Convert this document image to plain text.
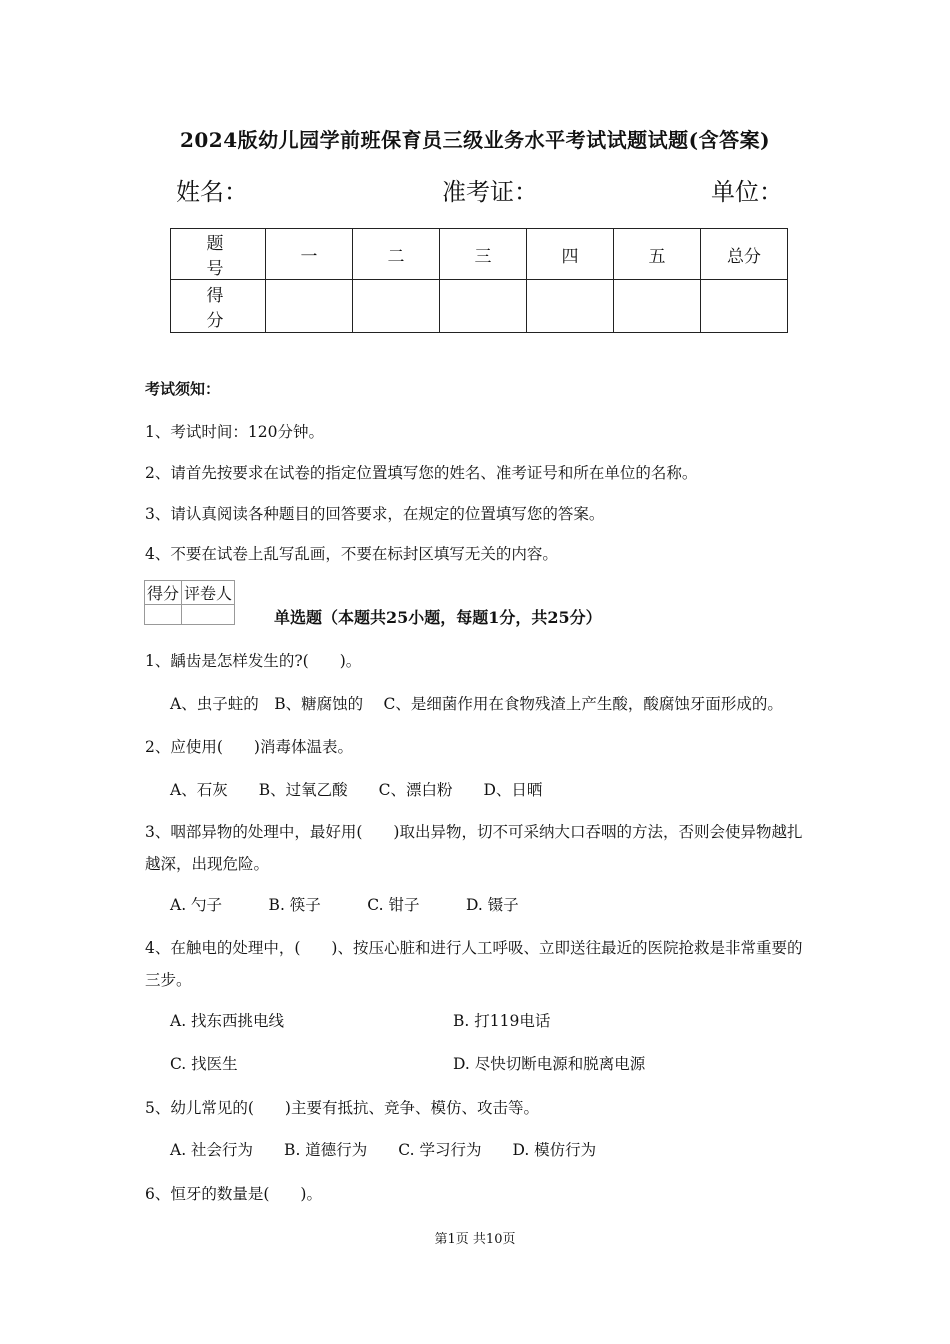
2024版幼儿园学前班保育员三级业务水平考试试题试题(含答案)
姓名：	准考证：	单位：
题　号	一	二	三	四	五	总分
得　分						
考试须知：
1、考试时间：120分钟。
2、请首先按要求在试卷的指定位置填写您的姓名、准考证号和所在单位的名称。
3、请认真阅读各种题目的回答要求，在规定的位置填写您的答案。
4、不要在试卷上乱写乱画，不要在标封区填写无关的内容。
得分	评卷人

单选题（本题共25小题，每题1分，共25分）
1、龋齿是怎样发生的?(　　)。
A、虫子蛀的　B、糖腐蚀的　 C、是细菌作用在食物残渣上产生酸，酸腐蚀牙面形成的。
2、应使用(　　)消毒体温表。
A、石灰　　B、过氧乙酸　　C、漂白粉　　D、日晒
3、咽部异物的处理中，最好用(　　)取出异物，切不可采纳大口吞咽的方法，否则会使异物越扎越深，出现危险。
A. 勺子　　　B. 筷子　　　C. 钳子　　　D. 镊子
4、在触电的处理中，(　　)、按压心脏和进行人工呼吸、立即送往最近的医院抢救是非常重要的三步。
A. 找东西挑电线	B. 打119电话
C. 找医生	D. 尽快切断电源和脱离电源
5、幼儿常见的(　　)主要有抵抗、竞争、模仿、攻击等。
A. 社会行为　　B. 道德行为　　C. 学习行为　　D. 模仿行为
6、恒牙的数量是(　　)。
第1页 共10页
